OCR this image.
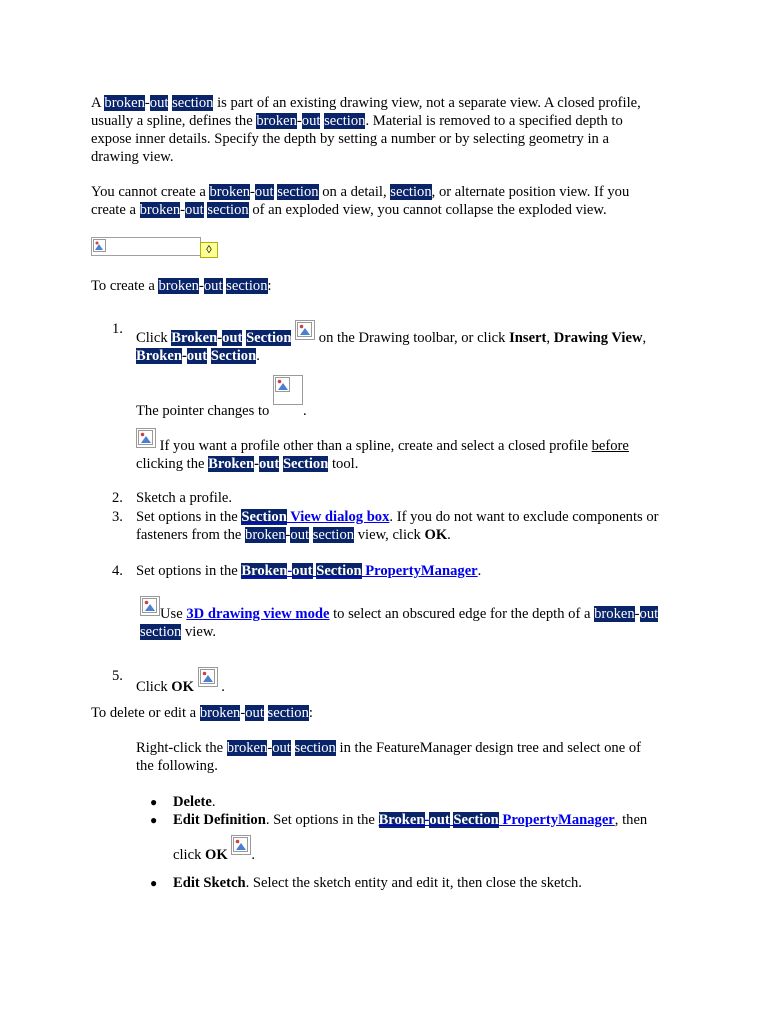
A broken-out section is part of an existing drawing view, not a separate view. A closed profile,
usually a spline, defines the broken-out section. Material is removed to a specified depth to
expose inner details. Specify the depth by setting a number or by selecting geometry in a
drawing view.
You cannot create a broken-out section on a detail, section, or alternate position view. If you
create a broken-out section of an exploded view, you cannot collapse the exploded view.
◊
To create a broken-out section:
1.
Click Broken-out Section on the Drawing toolbar, or click Insert, Drawing View,
Broken-out Section.
The pointer changes to .
If you want a profile other than a spline, create and select a closed profile before
clicking the Broken-out Section tool.
2. Sketch a profile.
3. Set options in the Section View dialog box. If you do not want to exclude components or
fasteners from the broken-out section view, click OK.
4. Set options in the Broken-out Section PropertyManager.
Use 3D drawing view mode to select an obscured edge for the depth of a broken-out
section view.
5.
Click OK .
To delete or edit a broken-out section:
Right-click the broken-out section in the FeatureManager design tree and select one of
the following.
● Delete.
● Edit Definition. Set options in the Broken-out Section PropertyManager, then
click OK .
● Edit Sketch. Select the sketch entity and edit it, then close the sketch.
